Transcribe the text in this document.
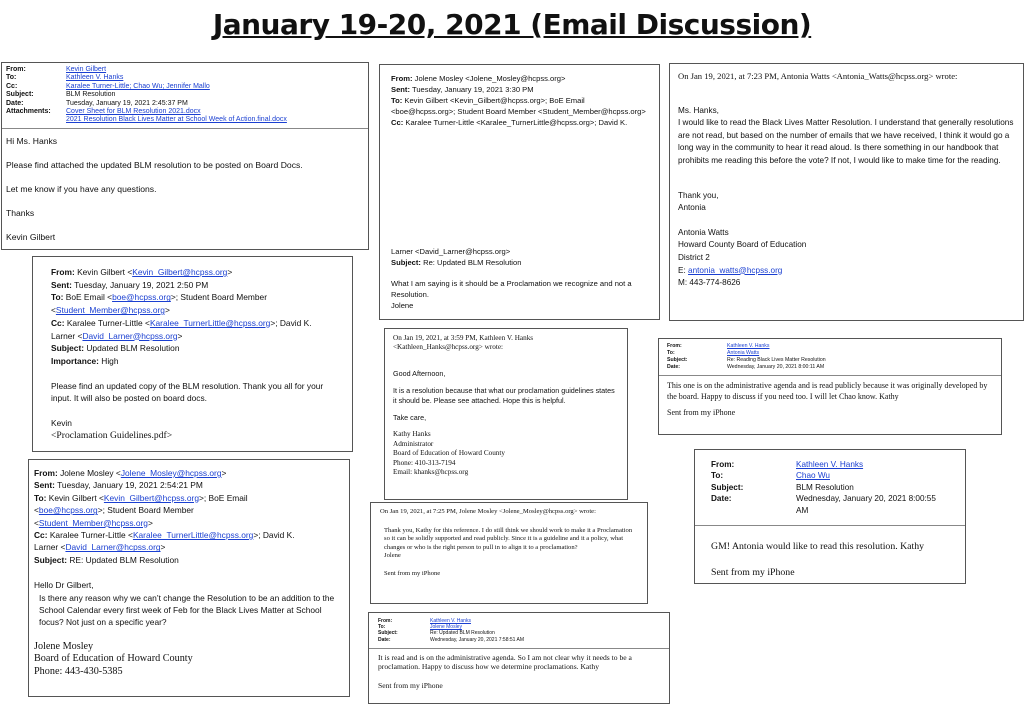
January 19-20, 2021 (Email Discussion)
From:	Kevin Gilbert
To:	Kathleen V. Hanks
Cc:	Karalee Turner-Little; Chao Wu; Jennifer Mallo
Subject:	BLM Resolution
Date:	Tuesday, January 19, 2021 2:45:37 PM
Attachments:	Cover Sheet for BLM Resolution 2021.docx
2021 Resolution Black Lives Matter at School Week of Action.final.docx
Hi Ms. Hanks
Please find attached the updated BLM resolution to be posted on Board Docs.
Let me know if you have any questions.
Thanks
Kevin Gilbert
From: Jolene Mosley <Jolene_Mosley@hcpss.org>
Sent: Tuesday, January 19, 2021 3:30 PM
To: Kevin Gilbert <Kevin_Gilbert@hcpss.org>; BoE Email <boe@hcpss.org>; Student Board Member <Student_Member@hcpss.org>
Cc: Karalee Turner-Little <Karalee_TurnerLittle@hcpss.org>; David K.
Larner <David_Larner@hcpss.org>
Subject: Re: Updated BLM Resolution
What I am saying is it should be a Proclamation we recognize and not a Resolution.
Jolene
On Jan 19, 2021, at 7:23 PM, Antonia Watts <Antonia_Watts@hcpss.org> wrote:
Ms. Hanks,
I would like to read the Black Lives Matter Resolution. I understand that generally resolutions are not read, but based on the number of emails that we have received, I think it would go a long way in the community to hear it read aloud. Is there something in our handbook that prohibits me reading this before the vote? If not, I would like to make time for the reading.
Thank you,
Antonia
Antonia Watts
Howard County Board of Education
District 2
E: antonia_watts@hcpss.org
M: 443-774-8626
From: Kevin Gilbert <Kevin_Gilbert@hcpss.org>
Sent: Tuesday, January 19, 2021 2:50 PM
To: BoE Email <boe@hcpss.org>; Student Board Member
<Student_Member@hcpss.org>
Cc: Karalee Turner-Little <Karalee_TurnerLittle@hcpss.org>; David K.
Larner <David_Larner@hcpss.org>
Subject: Updated BLM Resolution
Importance: High
Please find an updated copy of the BLM resolution. Thank you all for your input. It will also be posted on board docs.
Kevin
<Proclamation Guidelines.pdf>
On Jan 19, 2021, at 3:59 PM, Kathleen V. Hanks <Kathleen_Hanks@hcpss.org> wrote:
Good Afternoon,
It is a resolution because that what our proclamation guidelines states it should be. Please see attached. Hope this is helpful.
Take care,
Kathy Hanks
Administrator
Board of Education of Howard County
Phone: 410-313-7194
Email: khanks@hcpss.org
From:	Kathleen V. Hanks
To:	Antonia Watts
Subject:	Re: Reading Black Lives Matter Resolution
Date:	Wednesday, January 20, 2021 8:00:11 AM
This one is on the administrative agenda and is read publicly because it was originally developed by the board. Happy to discuss if you need too. I will let Chao know. Kathy
Sent from my iPhone
From: Jolene Mosley <Jolene_Mosley@hcpss.org>
Sent: Tuesday, January 19, 2021 2:54:21 PM
To: Kevin Gilbert <Kevin_Gilbert@hcpss.org>; BoE Email
<boe@hcpss.org>; Student Board Member
<Student_Member@hcpss.org>
Cc: Karalee Turner-Little <Karalee_TurnerLittle@hcpss.org>; David K.
Larner <David_Larner@hcpss.org>
Subject: RE: Updated BLM Resolution
Hello Dr Gilbert,
Is there any reason why we can’t change the Resolution to be an addition to the School Calendar every first week of Feb for the Black Lives Matter at School focus? Not just on a specific year?
Jolene Mosley
Board of Education of Howard County
Phone: 443-430-5385
From:	Kathleen V. Hanks
To:	Chao Wu
Subject:	BLM Resolution
Date:	Wednesday, January 20, 2021 8:00:55 AM
GM! Antonia would like to read this resolution. Kathy
Sent from my iPhone
On Jan 19, 2021, at 7:25 PM, Jolene Mosley <Jolene_Mosley@hcpss.org> wrote:
Thank you, Kathy for this reference. I do still think we should work to make it a Proclamation so it can be solidly supported and read publicly. Since it is a guideline and it a policy, what changes or who is the right person to pull in to align it to a proclamation?
Jolene
Sent from my iPhone
From:	Kathleen V. Hanks
To:	Jolene Mosley
Subject:	Re: Updated BLM Resolution
Date:	Wednesday, January 20, 2021 7:58:51 AM
It is read and is on the administrative agenda. So I am not clear why it needs to be a proclamation. Happy to discuss how we determine proclamations. Kathy
Sent from my iPhone
